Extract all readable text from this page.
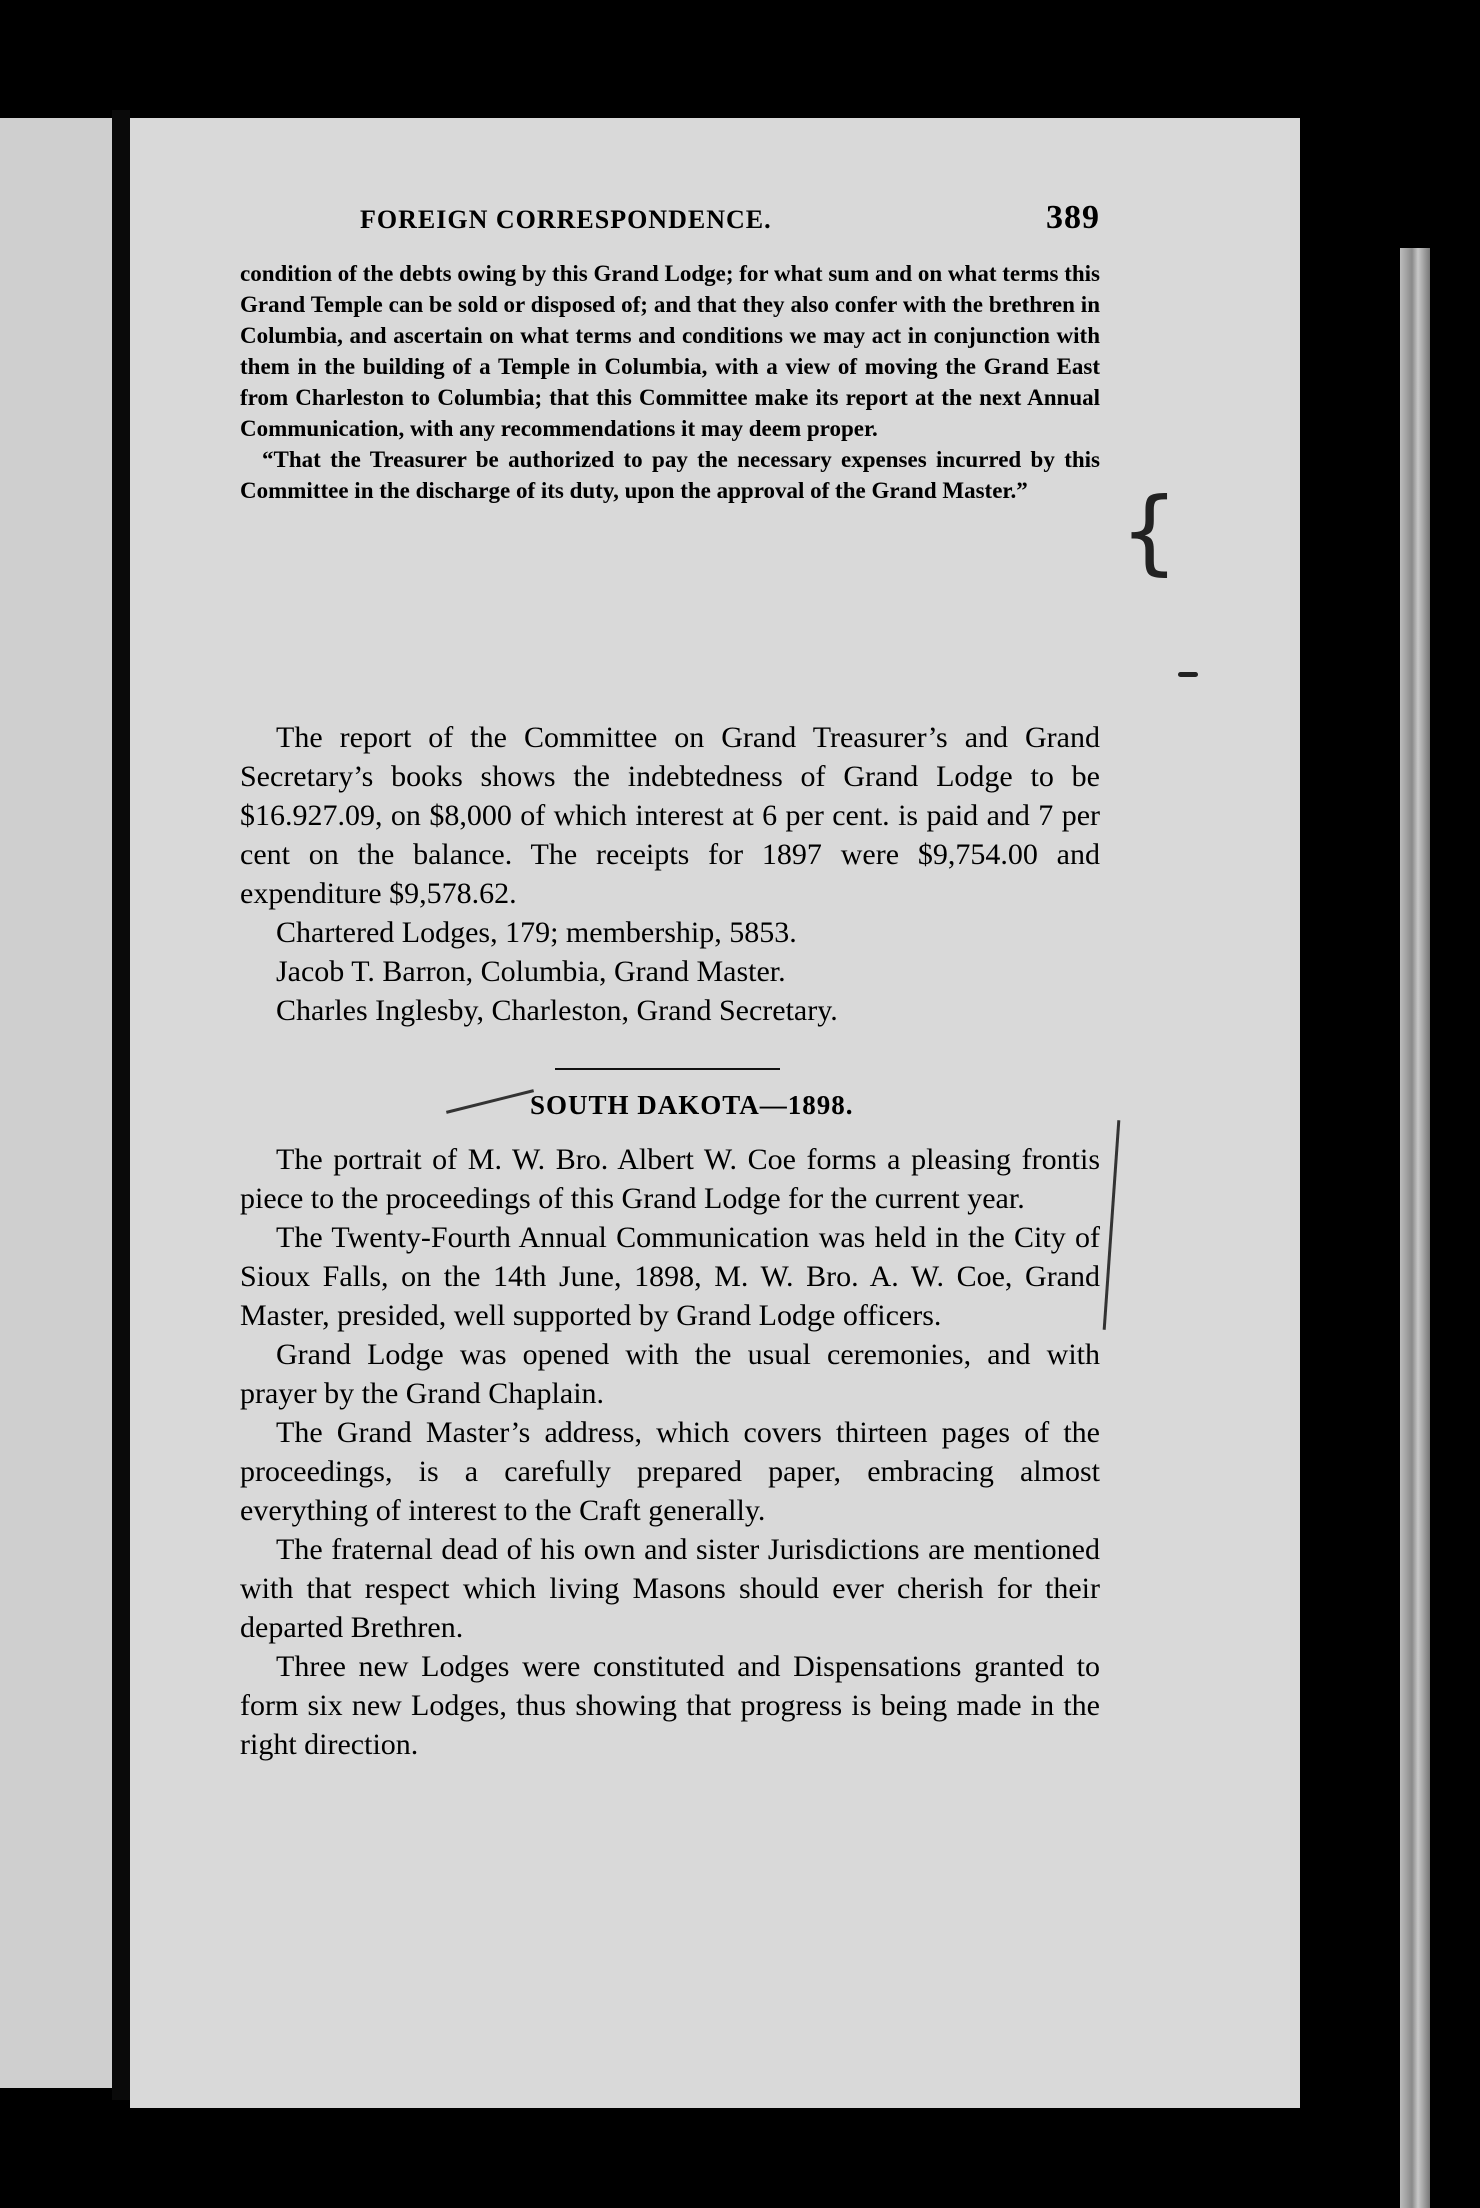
FOREIGN CORRESPONDENCE.	389

condition of the debts owing by this Grand Lodge; for what sum and on what terms this Grand Temple can be sold or disposed of; and that they also confer with the brethren in Columbia, and ascertain on what terms and conditions we may act in conjunction with them in the building of a Temple in Columbia, with a view of moving the Grand East from Charleston to Columbia; that this Committee make its report at the next Annual Communication, with any recommendations it may deem proper.

“That the Treasurer be authorized to pay the necessary expenses incurred by this Committee in the discharge of its duty, upon the approval of the Grand Master.”	{

The report of the Committee on Grand Treasurer’s and Grand Secretary’s books shows the indebtedness of Grand Lodge to be $16.927.09, on $8,000 of which interest at 6 per cent. is paid and 7 per cent on the balance. The receipts for 1897 were $9,754.00 and expenditure $9,578.62.

Chartered Lodges, 179; membership, 5853.

Jacob T. Barron, Columbia, Grand Master.

Charles Inglesby, Charleston, Grand Secretary.

SOUTH DAKOTA—1898.

The portrait of M. W. Bro. Albert W. Coe forms a pleasing frontis piece to the proceedings of this Grand Lodge for the current year.

The Twenty-Fourth Annual Communication was held in the City of Sioux Falls, on the 14th June, 1898, M. W. Bro. A. W. Coe, Grand Master, presided, well supported by Grand Lodge officers.

Grand Lodge was opened with the usual ceremonies, and with prayer by the Grand Chaplain.

The Grand Master’s address, which covers thirteen pages of the proceedings, is a carefully prepared paper, embracing almost everything of interest to the Craft generally.

The fraternal dead of his own and sister Jurisdictions are mentioned with that respect which living Masons should ever cherish for their departed Brethren.

Three new Lodges were constituted and Dispensations granted to form six new Lodges, thus showing that progress is being made in the right direction.
